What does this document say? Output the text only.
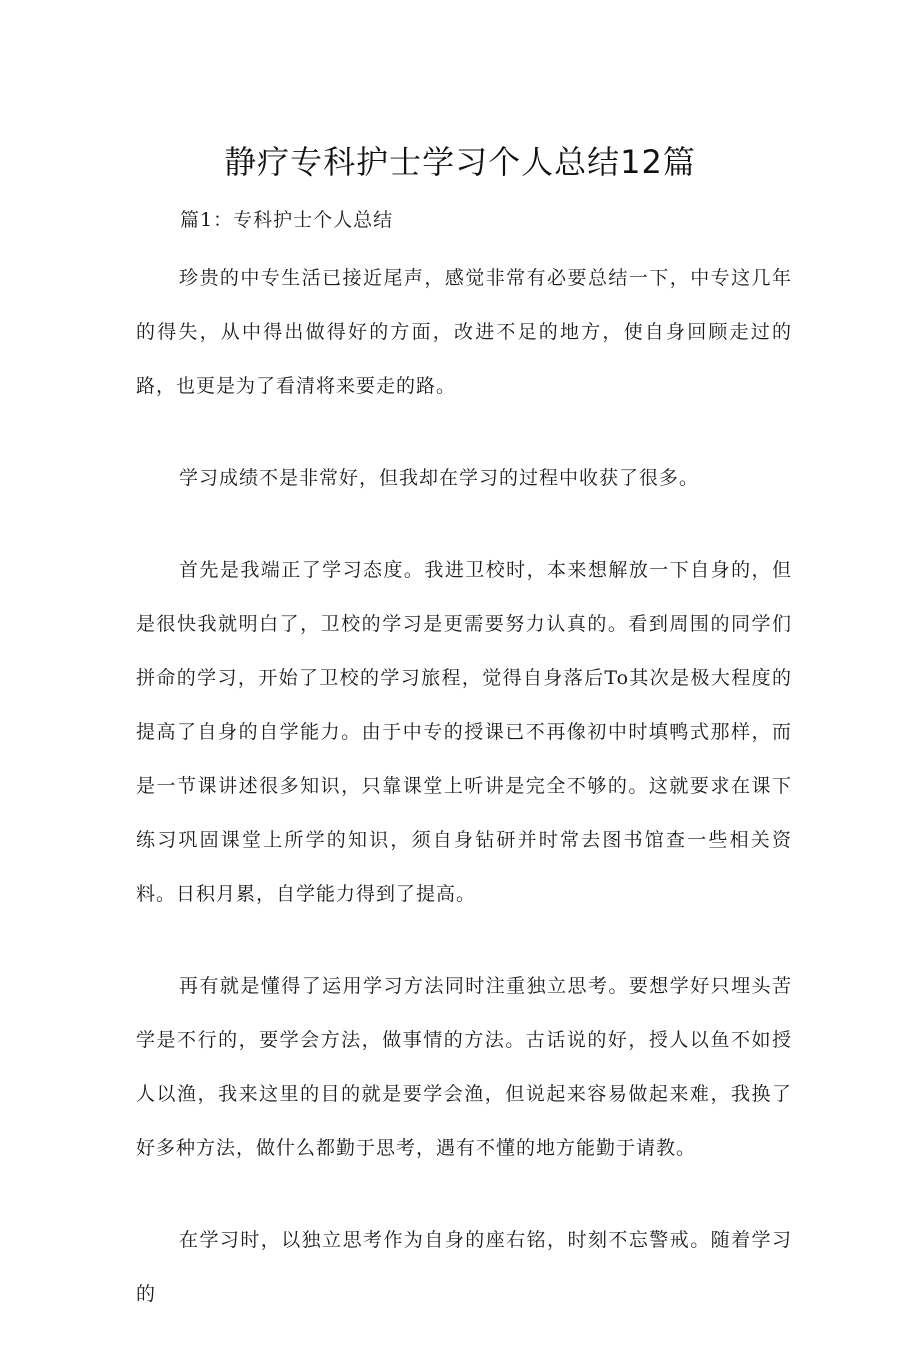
静疗专科护士学习个人总结12篇
篇1：专科护士个人总结

珍贵的中专生活已接近尾声，感觉非常有必要总结一下，中专这几年的得失，从中得出做得好的方面，改进不足的地方，使自身回顾走过的路，也更是为了看清将来要走的路。

学习成绩不是非常好，但我却在学习的过程中收获了很多。

首先是我端正了学习态度。我进卫校时，本来想解放一下自身的，但是很快我就明白了，卫校的学习是更需要努力认真的。看到周围的同学们拼命的学习，开始了卫校的学习旅程，觉得自身落后To其次是极大程度的提高了自身的自学能力。由于中专的授课已不再像初中时填鸭式那样，而是一节课讲述很多知识，只靠课堂上听讲是完全不够的。这就要求在课下练习巩固课堂上所学的知识，须自身钻研并时常去图书馆查一些相关资料。日积月累，自学能力得到了提高。

再有就是懂得了运用学习方法同时注重独立思考。要想学好只埋头苦学是不行的，要学会方法，做事情的方法。古话说的好，授人以鱼不如授人以渔，我来这里的目的就是要学会渔，但说起来容易做起来难，我换了好多种方法，做什么都勤于思考，遇有不懂的地方能勤于请教。

在学习时，以独立思考作为自身的座右铭，时刻不忘警戒。随着学习的
